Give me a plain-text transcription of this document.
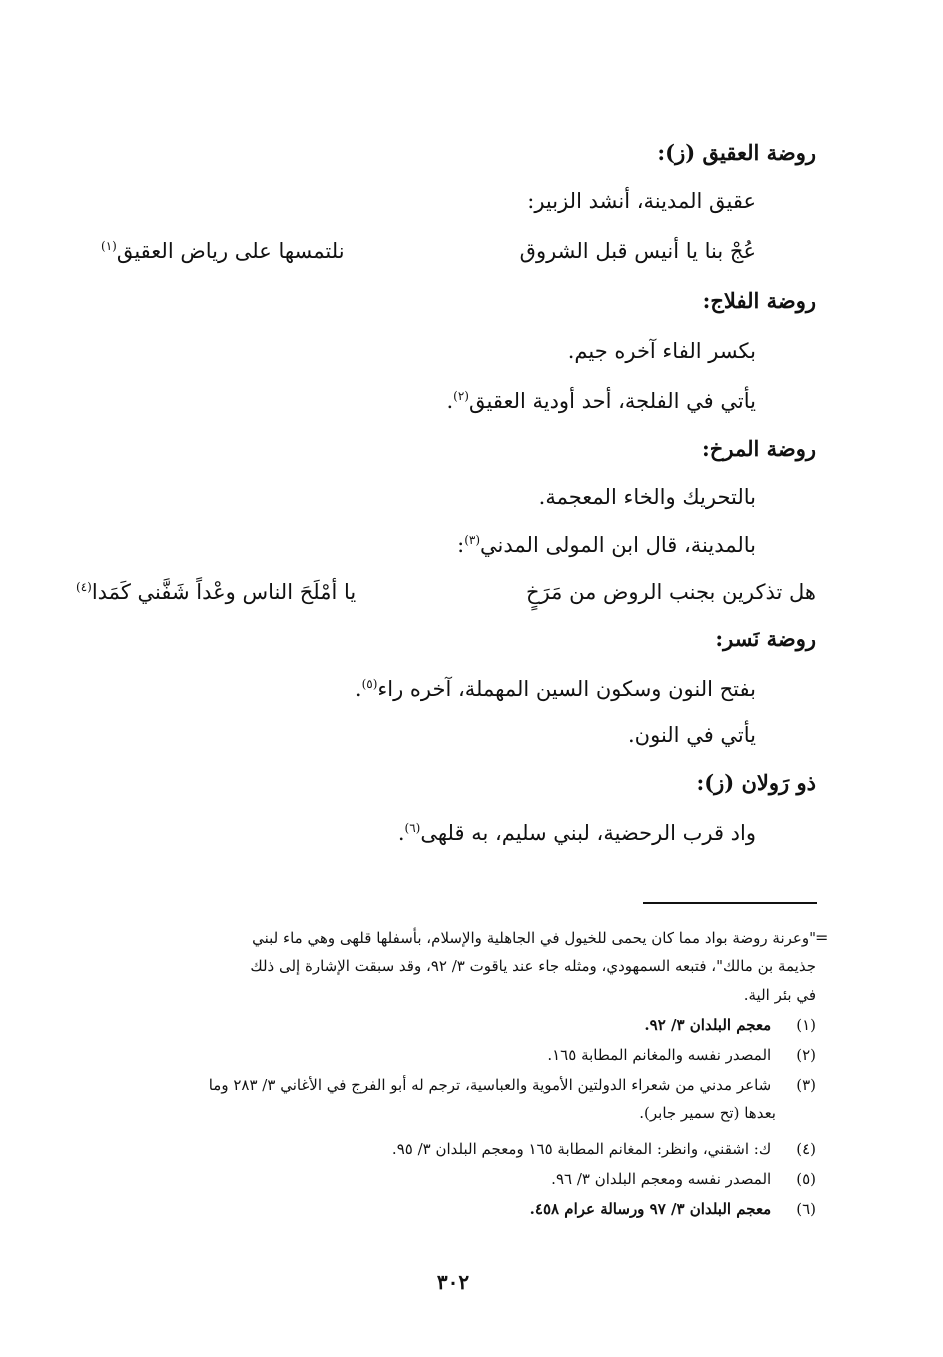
روضة العقيق (ز):
عقيق المدينة، أنشد الزبير:
عُجْ بنا يا أنيس قبل الشروق
نلتمسها على رياض العقيق$^{(١)}$
روضة الفلاج:
بكسر الفاء آخره جيم.
يأتي في الفلجة، أحد أودية العقيق$^{(٢)}$.
روضة المرخ:
بالتحريك والخاء المعجمة.
بالمدينة، قال ابن المولى المدني$^{(٣)}$:
هل تذكرين بجنب الروض من مَرَخٍ
يا أمْلَحَ الناس وعْداً شَفَّني كَمَدا$^{(٤)}$
روضة نَسر:
بفتح النون وسكون السين المهملة، آخره راء$^{(٥)}$.
يأتي في النون.
ذو رَولان (ز):
واد قرب الرحضية، لبني سليم، به قلهى$^{(٦)}$.
=
"وعرنة روضة بواد مما كان يحمى للخيول في الجاهلية والإسلام، بأسفلها قلهى وهي ماء لبني
جذيمة بن مالك"، فتبعه السمهودي، ومثله جاء عند ياقوت ٣/ ٩٢، وقد سبقت الإشارة إلى ذلك
في بئر الية.
(١) معجم البلدان ٣/ ٩٢.
(٢) المصدر نفسه والمغانم المطابة ١٦٥.
(٣) شاعر مدني من شعراء الدولتين الأموية والعباسية، ترجم له أبو الفرج في الأغاني ٣/ ٢٨٣ وما
بعدها (تح سمير جابر).
(٤) ك: اشقني، وانظر: المغانم المطابة ١٦٥ ومعجم البلدان ٣/ ٩٥.
(٥) المصدر نفسه ومعجم البلدان ٣/ ٩٦.
(٦) معجم البلدان ٣/ ٩٧ ورسالة عرام ٤٥٨.
٣٠٢
